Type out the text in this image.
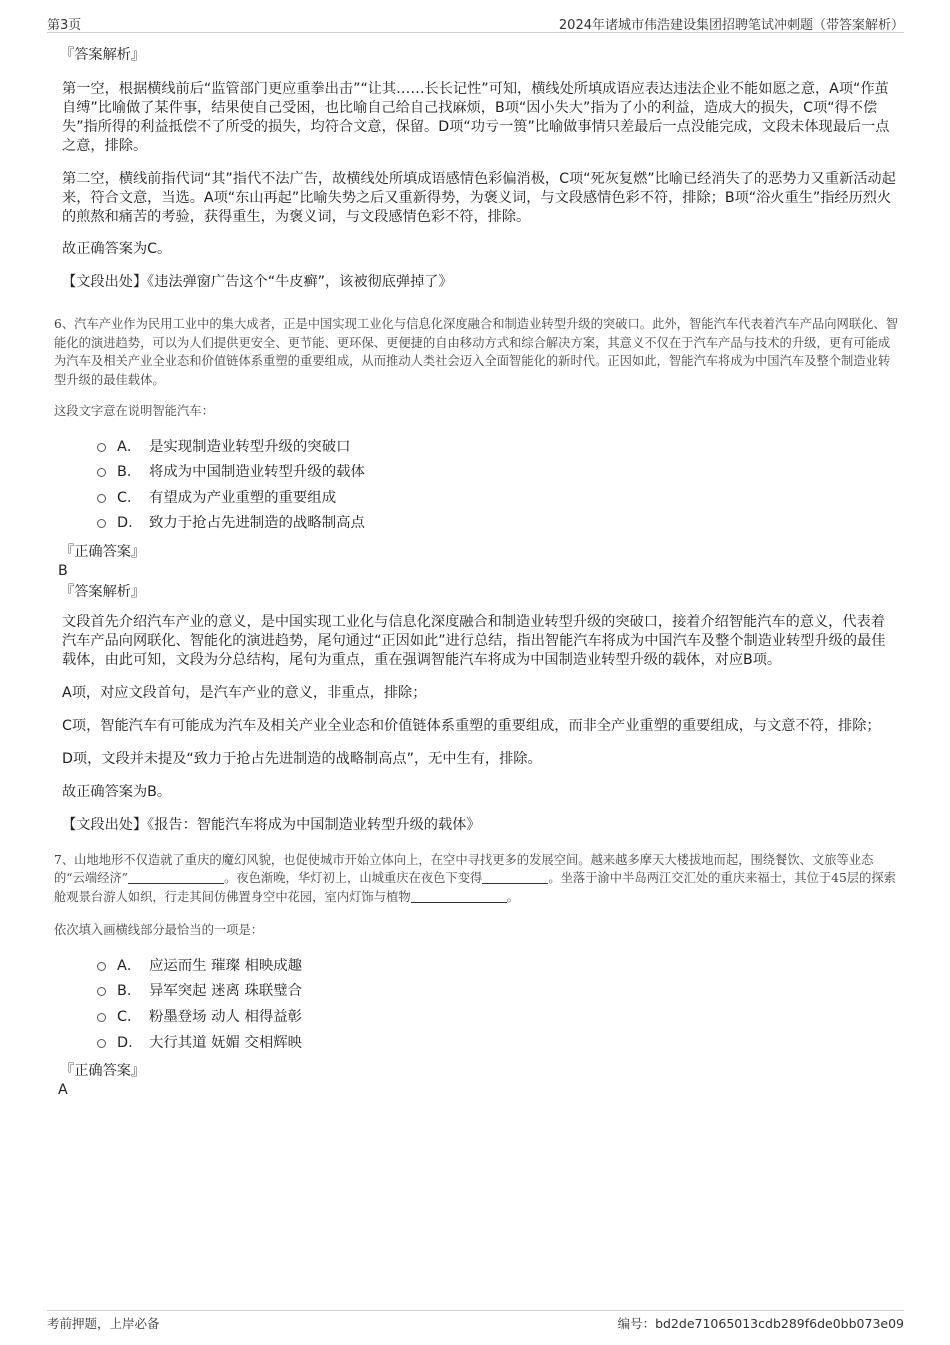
第3页	2024年诸城市伟浩建设集团招聘笔试冲刺题（带答案解析）
『答案解析』
第一空，根据横线前后“监管部门更应重拳出击”“让其……长长记性”可知，横线处所填成语应表达违法企业不能如愿之意，A项“作茧自缚”比喻做了某件事，结果使自己受困，也比喻自己给自己找麻烦，B项“因小失大”指为了小的利益，造成大的损失，C项“得不偿失”指所得的利益抵偿不了所受的损失，均符合文意，保留。D项“功亏一篑”比喻做事情只差最后一点没能完成，文段未体现最后一点之意，排除。
第二空，横线前指代词“其”指代不法广告，故横线处所填成语感情色彩偏消极，C项“死灰复燃”比喻已经消失了的恶势力又重新活动起来，符合文意，当选。A项“东山再起”比喻失势之后又重新得势，为褒义词，与文段感情色彩不符，排除；B项“浴火重生”指经历烈火的煎熬和痛苦的考验，获得重生，为褒义词，与文段感情色彩不符，排除。
故正确答案为C。
【文段出处】《违法弹窗广告这个“牛皮癣”，该被彻底弹掉了》
6、汽车产业作为民用工业中的集大成者，正是中国实现工业化与信息化深度融合和制造业转型升级的突破口。此外，智能汽车代表着汽车产品向网联化、智能化的演进趋势，可以为人们提供更安全、更节能、更环保、更便捷的自由移动方式和综合解决方案，其意义不仅在于汽车产品与技术的升级，更有可能成为汽车及相关产业全业态和价值链体系重塑的重要组成，从而推动人类社会迈入全面智能化的新时代。正因如此，智能汽车将成为中国汽车及整个制造业转型升级的最佳载体。
这段文字意在说明智能汽车：
A． 是实现制造业转型升级的突破口
B． 将成为中国制造业转型升级的载体
C． 有望成为产业重塑的重要组成
D． 致力于抢占先进制造的战略制高点
『正确答案』
B
『答案解析』
文段首先介绍汽车产业的意义，是中国实现工业化与信息化深度融合和制造业转型升级的突破口，接着介绍智能汽车的意义，代表着汽车产品向网联化、智能化的演进趋势，尾句通过“正因如此”进行总结，指出智能汽车将成为中国汽车及整个制造业转型升级的最佳载体，由此可知，文段为分总结构，尾句为重点，重在强调智能汽车将成为中国制造业转型升级的载体，对应B项。
A项，对应文段首句，是汽车产业的意义，非重点，排除；
C项，智能汽车有可能成为汽车及相关产业全业态和价值链体系重塑的重要组成，而非全产业重塑的重要组成，与文意不符，排除；
D项，文段并未提及“致力于抢占先进制造的战略制高点”，无中生有，排除。
故正确答案为B。
【文段出处】《报告：智能汽车将成为中国制造业转型升级的载体》
7、山地地形不仅造就了重庆的魔幻风貌，也促使城市开始立体向上，在空中寻找更多的发展空间。越来越多摩天大楼拔地而起，围绕餐饮、文旅等业态的“云端经济”	。夜色渐晚，华灯初上，山城重庆在夜色下变得	。坐落于渝中半岛两江交汇处的重庆来福士，其位于45层的探索舱观景台游人如织，行走其间仿佛置身空中花园，室内灯饰与植物	。
依次填入画横线部分最恰当的一项是：
A． 应运而生 璀璨 相映成趣
B． 异军突起 迷离 珠联璧合
C． 粉墨登场 动人 相得益彰
D． 大行其道 妩媚 交相辉映
『正确答案』
A
考前押题，上岸必备	编号：bd2de71065013cdb289f6de0bb073e09
